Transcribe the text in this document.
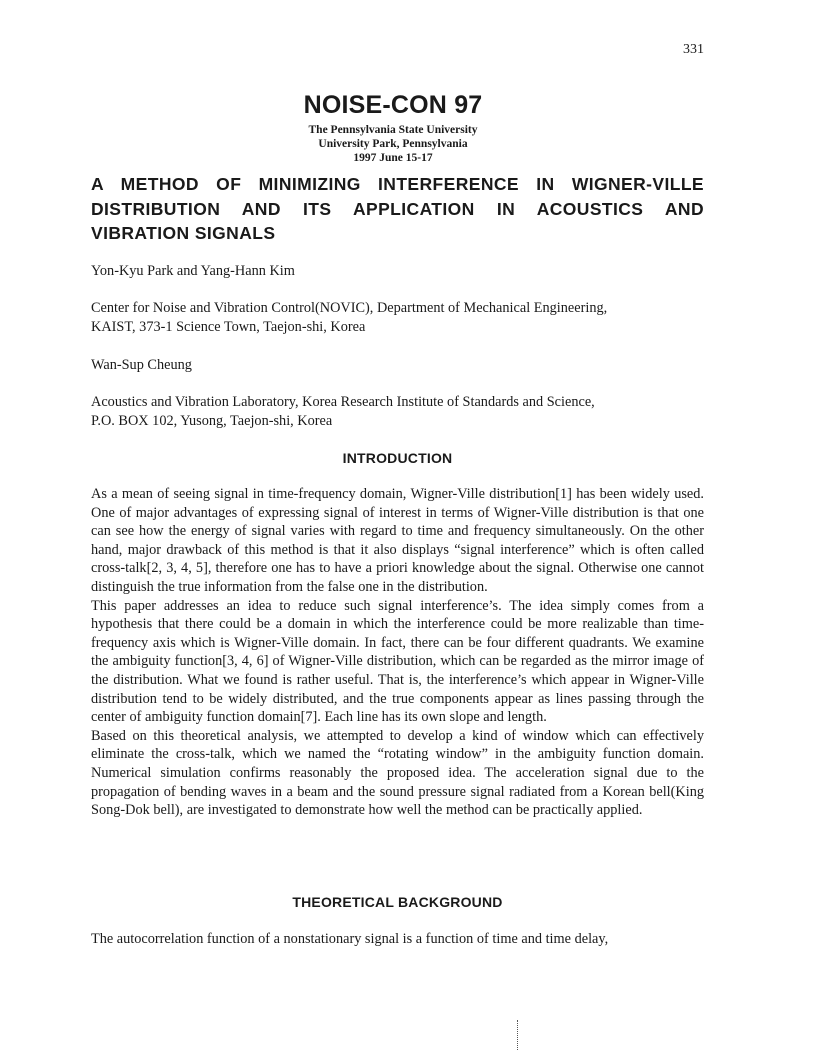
331

NOISE-CON 97

The Pennsylvania State University

University Park, Pennsylvania

1997 June 15-17

A METHOD OF MINIMIZING INTERFERENCE IN WIGNER-VILLE DISTRIBUTION AND ITS APPLICATION IN ACOUSTICS AND VIBRATION SIGNALS

Yon-Kyu Park and Yang-Hann Kim

Center for Noise and Vibration Control(NOVIC), Department of Mechanical Engineering,

KAIST, 373-1 Science Town, Taejon-shi, Korea

Wan-Sup Cheung

Acoustics and Vibration Laboratory, Korea Research Institute of Standards and Science,

P.O. BOX 102, Yusong, Taejon-shi, Korea

INTRODUCTION

As a mean of seeing signal in time-frequency domain, Wigner-Ville distribution[1] has been widely used. One of major advantages of expressing signal of interest in terms of Wigner-Ville distribution is that one can see how the energy of signal varies with regard to time and frequency simultaneously. On the other hand, major drawback of this method is that it also displays “signal interference” which is often called cross-talk[2, 3, 4, 5], therefore one has to have a priori knowledge about the signal. Otherwise one cannot distinguish the true information from the false one in the distribution.

This paper addresses an idea to reduce such signal interference’s. The idea simply comes from a hypothesis that there could be a domain in which the interference could be more realizable than time-frequency axis which is Wigner-Ville domain. In fact, there can be four different quadrants. We examine the ambiguity function[3, 4, 6] of Wigner-Ville distribution, which can be regarded as the mirror image of the distribution. What we found is rather useful. That is, the interference’s which appear in Wigner-Ville distribution tend to be widely distributed, and the true components appear as lines passing through the center of ambiguity function domain[7]. Each line has its own slope and length.

Based on this theoretical analysis, we attempted to develop a kind of window which can effectively eliminate the cross-talk, which we named the “rotating window” in the ambiguity function domain. Numerical simulation confirms reasonably the proposed idea. The acceleration signal due to the propagation of bending waves in a beam and the sound pressure signal radiated from a Korean bell(King Song-Dok bell), are investigated to demonstrate how well the method can be practically applied.

THEORETICAL BACKGROUND

The autocorrelation function of a nonstationary signal is a function of time and time delay,
